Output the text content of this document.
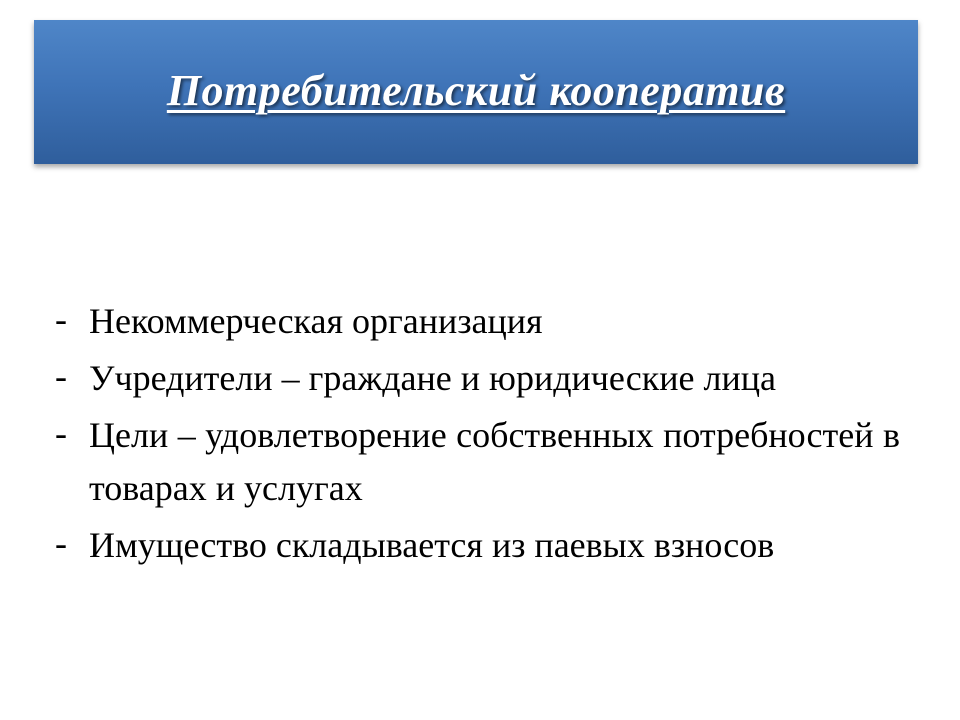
Потребительский кооператив
- Некоммерческая организация
- Учредители – граждане и юридические лица
- Цели – удовлетворение собственных потребностей в товарах и услугах
- Имущество складывается из паевых взносов
